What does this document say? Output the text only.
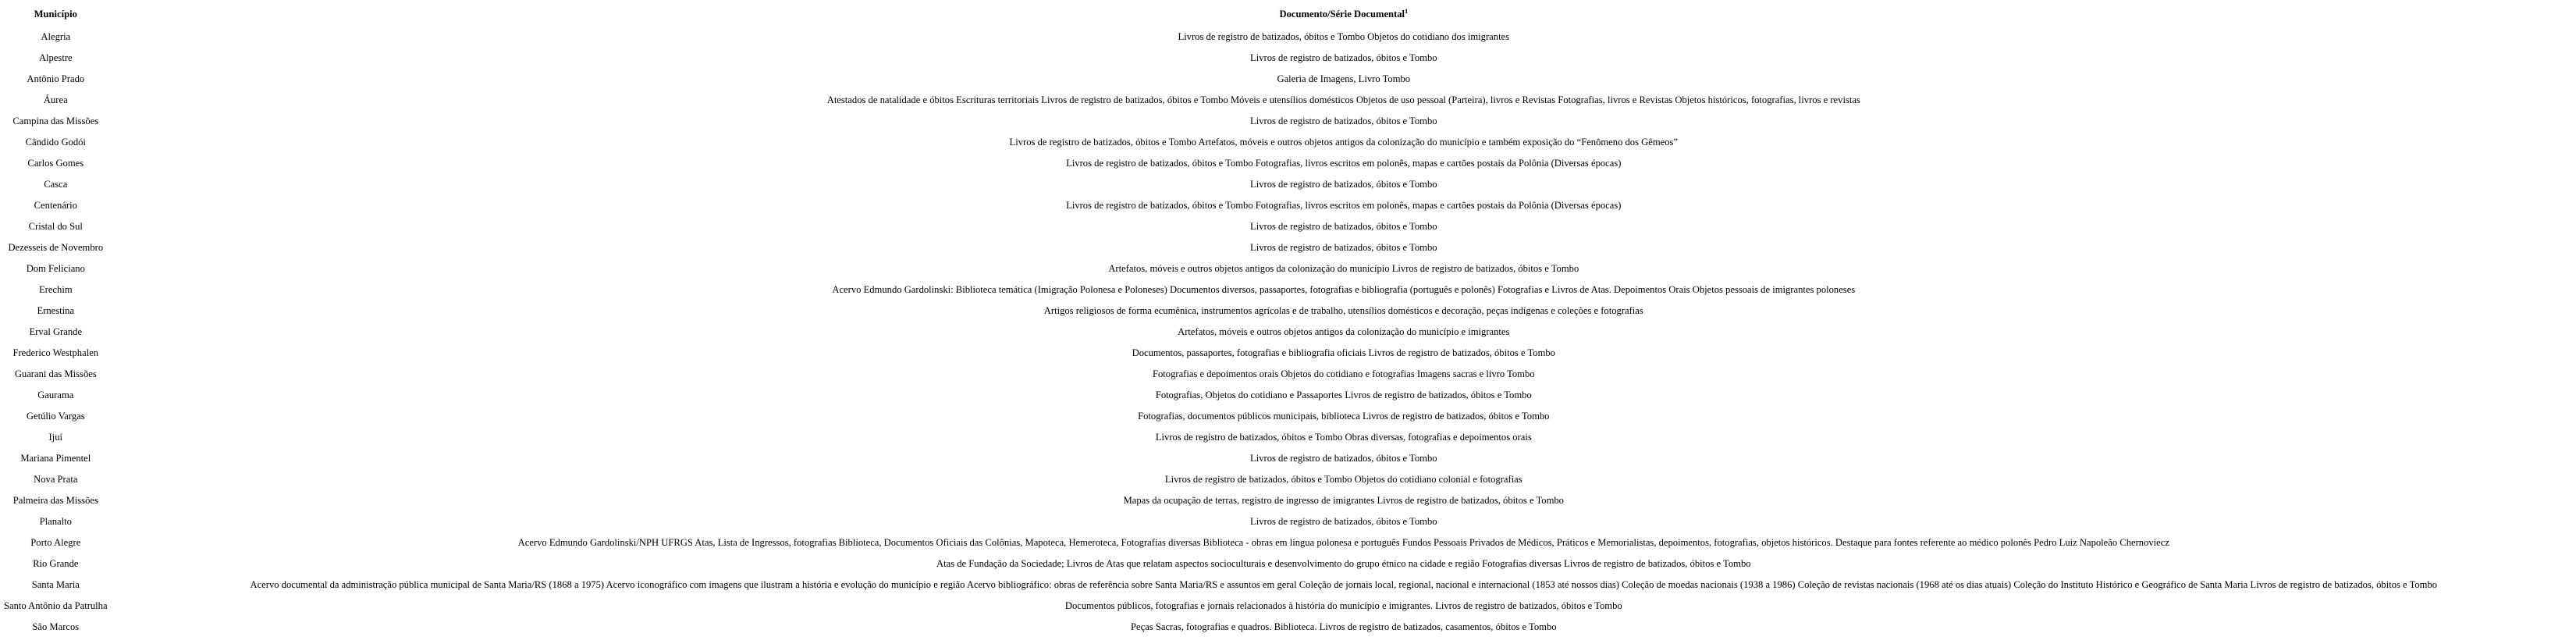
Município	Documento/Série Documental$^1$
Alegria	Livros de registro de batizados, óbitos e Tombo Objetos do cotidiano dos imigrantes
Alpestre	Livros de registro de batizados, óbitos e Tombo
Antônio Prado	Galeria de Imagens, Livro Tombo
Áurea	Atestados de natalidade e óbitos Escrituras territoriais Livros de registro de batizados, óbitos e Tombo Móveis e utensílios domésticos Objetos de uso pessoal (Parteira), livros e Revistas Fotografias, livros e Revistas Objetos históricos, fotografias, livros e revistas
Campina das Missões	Livros de registro de batizados, óbitos e Tombo
Cândido Godói	Livros de registro de batizados, óbitos e Tombo Artefatos, móveis e outros objetos antigos da colonização do município e também exposição do “Fenômeno dos Gêmeos”
Carlos Gomes	Livros de registro de batizados, óbitos e Tombo Fotografias, livros escritos em polonês, mapas e cartões postais da Polônia (Diversas épocas)
Casca	Livros de registro de batizados, óbitos e Tombo
Centenário	Livros de registro de batizados, óbitos e Tombo Fotografias, livros escritos em polonês, mapas e cartões postais da Polônia (Diversas épocas)
Cristal do Sul	Livros de registro de batizados, óbitos e Tombo
Dezesseis de Novembro	Livros de registro de batizados, óbitos e Tombo
Dom Feliciano	Artefatos, móveis e outros objetos antigos da colonização do município Livros de registro de batizados, óbitos e Tombo
Erechim	Acervo Edmundo Gardolinski: Biblioteca temática (Imigração Polonesa e Poloneses) Documentos diversos, passaportes, fotografias e bibliografia (português e polonês) Fotografias e Livros de Atas. Depoimentos Orais Objetos pessoais de imigrantes poloneses
Ernestina	Artigos religiosos de forma ecumênica, instrumentos agrícolas e de trabalho, utensílios domésticos e decoração, peças indígenas e coleções e fotografias
Erval Grande	Artefatos, móveis e outros objetos antigos da colonização do município e imigrantes
Frederico Westphalen	Documentos, passaportes, fotografias e bibliografia oficiais Livros de registro de batizados, óbitos e Tombo
Guarani das Missões	Fotografias e depoimentos orais Objetos do cotidiano e fotografias Imagens sacras e livro Tombo
Gaurama	Fotografias, Objetos do cotidiano e Passaportes Livros de registro de batizados, óbitos e Tombo
Getúlio Vargas	Fotografias, documentos públicos municipais, biblioteca Livros de registro de batizados, óbitos e Tombo
Ijuí	Livros de registro de batizados, óbitos e Tombo Obras diversas, fotografias e depoimentos orais
Mariana Pimentel	Livros de registro de batizados, óbitos e Tombo
Nova Prata	Livros de registro de batizados, óbitos e Tombo Objetos do cotidiano colonial e fotografias
Palmeira das Missões	Mapas da ocupação de terras, registro de ingresso de imigrantes Livros de registro de batizados, óbitos e Tombo
Planalto	Livros de registro de batizados, óbitos e Tombo
Porto Alegre	Acervo Edmundo Gardolinski/NPH UFRGS Atas, Lista de Ingressos, fotografias Biblioteca, Documentos Oficiais das Colônias, Mapoteca, Hemeroteca, Fotografias diversas Biblioteca - obras em língua polonesa e português Fundos Pessoais Privados de Médicos, Práticos e Memorialistas, depoimentos, fotografias, objetos históricos. Destaque para fontes referente ao médico polonês Pedro Luiz Napoleão Chernoviecz
Rio Grande	Atas de Fundação da Sociedade; Livros de Atas que relatam aspectos socioculturais e desenvolvimento do grupo étnico na cidade e região Fotografias diversas Livros de registro de batizados, óbitos e Tombo
Santa Maria	Acervo documental da administração pública municipal de Santa Maria/RS (1868 a 1975) Acervo iconográfico com imagens que ilustram a história e evolução do município e região Acervo bibliográfico: obras de referência sobre Santa Maria/RS e assuntos em geral Coleção de jornais local, regional, nacional e internacional (1853 até nossos dias) Coleção de moedas nacionais (1938 a 1986) Coleção de revistas nacionais (1968 até os dias atuais) Coleção do Instituto Histórico e Geográfico de Santa Maria Livros de registro de batizados, óbitos e Tombo
Santo Antônio da Patrulha	Documentos públicos, fotografias e jornais relacionados à história do município e imigrantes. Livros de registro de batizados, óbitos e Tombo
São Marcos	Peças Sacras, fotografias e quadros. Biblioteca. Livros de registro de batizados, casamentos, óbitos e Tombo
